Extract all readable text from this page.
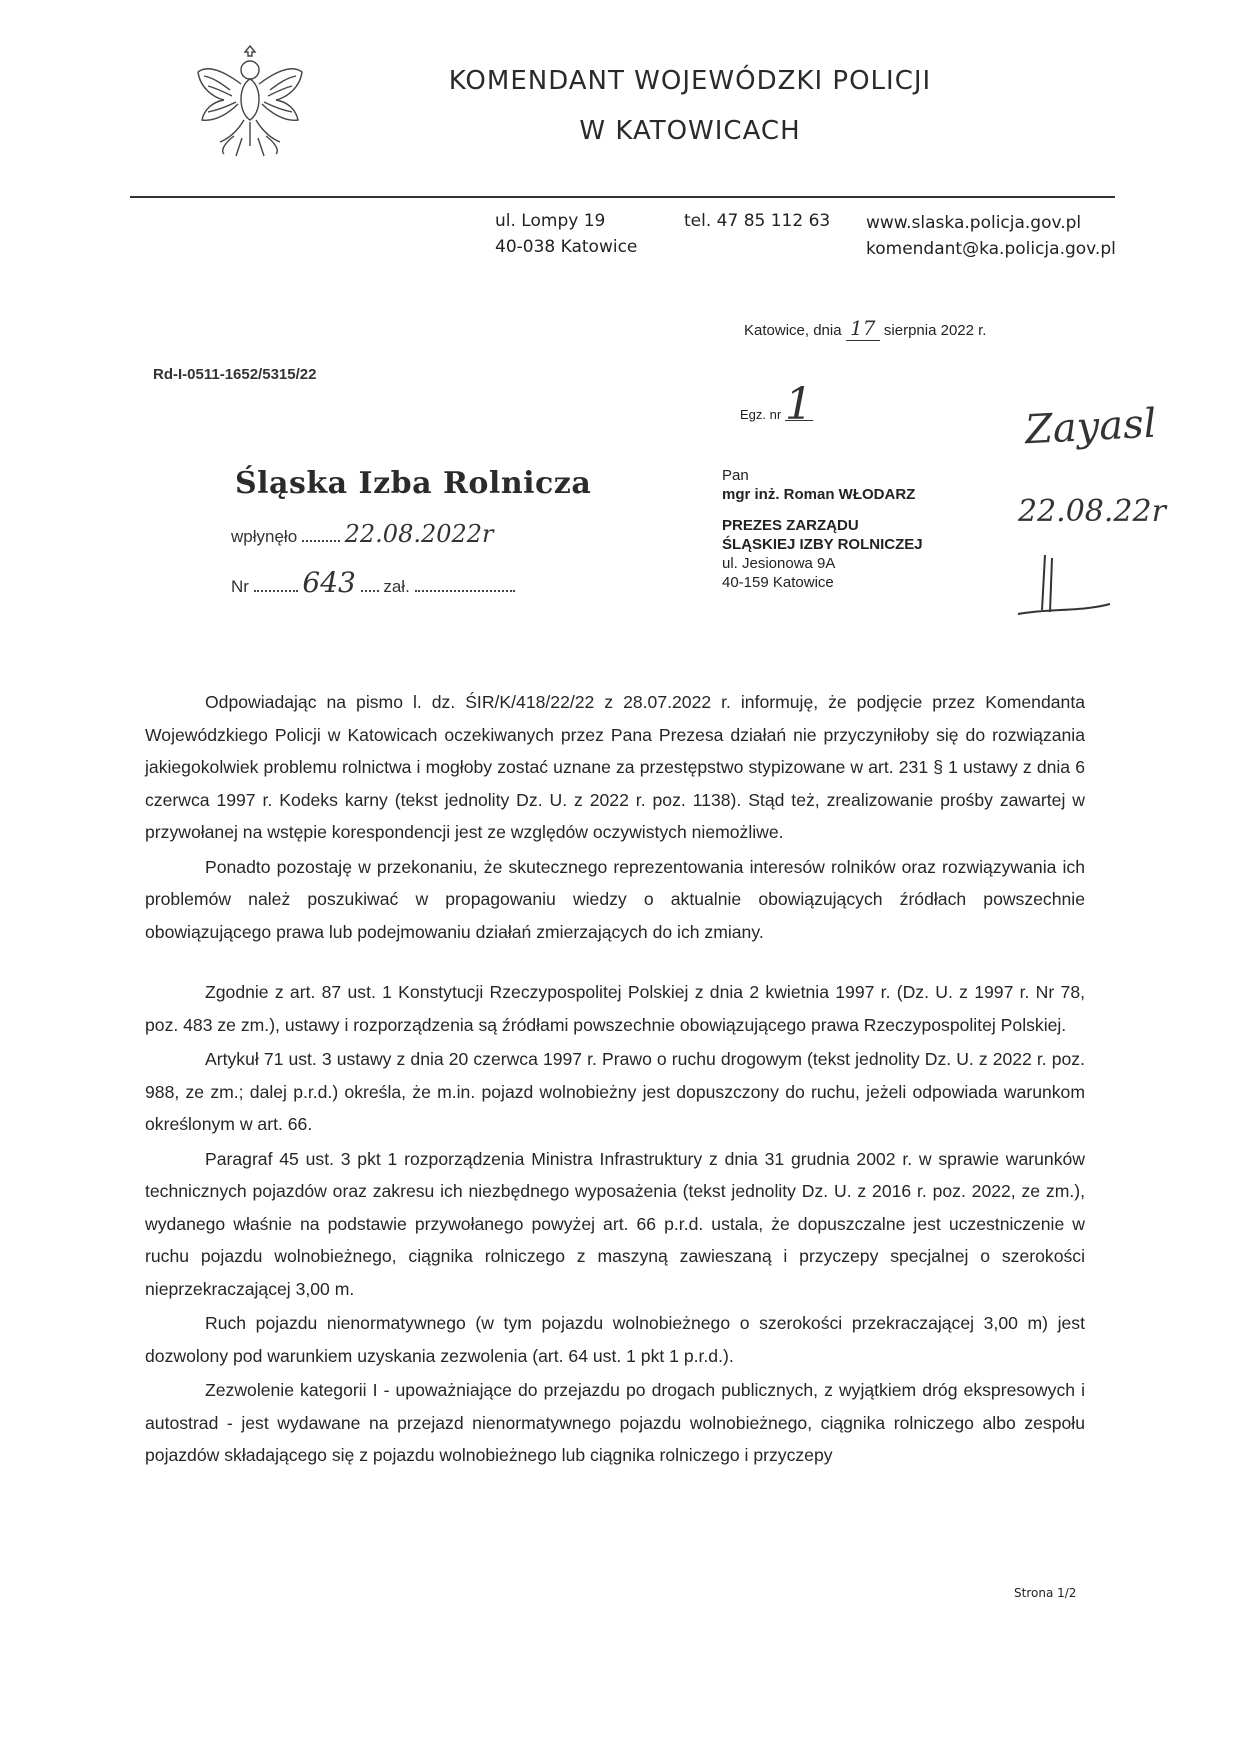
KOMENDANT WOJEWÓDZKI POLICJI
W KATOWICACH
ul. Lompy 19
40-038 Katowice
tel. 47 85 112 63 www.slaska.policja.gov.pl
komendant@ka.policja.gov.pl
Katowice, dnia 17 sierpnia 2022 r.
Rd-I-0511-1652/5315/22
Egz. nr 1
Śląska Izba Rolnicza
wpłynęło 22.08.2022r
Nr 643 zał.
Pan
mgr inż. Roman WŁODARZ
PREZES ZARZĄDU
ŚLĄSKIEJ IZBY ROLNICZEJ
ul. Jesionowa 9A
40-159 Katowice
Zayasl
22.08.22r

Odpowiadając na pismo l. dz. ŚIR/K/418/22/22 z 28.07.2022 r. informuję, że podjęcie przez Komendanta Wojewódzkiego Policji w Katowicach oczekiwanych przez Pana Prezesa działań nie przyczyniłoby się do rozwiązania jakiegokolwiek problemu rolnictwa i mogłoby zostać uznane za przestępstwo stypizowane w art. 231 § 1 ustawy z dnia 6 czerwca 1997 r. Kodeks karny (tekst jednolity Dz. U. z 2022 r. poz. 1138). Stąd też, zrealizowanie prośby zawartej w przywołanej na wstępie korespondencji jest ze względów oczywistych niemożliwe.

Ponadto pozostaję w przekonaniu, że skutecznego reprezentowania interesów rolników oraz rozwiązywania ich problemów należ poszukiwać w propagowaniu wiedzy o aktualnie obowiązujących źródłach powszechnie obowiązującego prawa lub podejmowaniu działań zmierzających do ich zmiany.

Zgodnie z art. 87 ust. 1 Konstytucji Rzeczypospolitej Polskiej z dnia 2 kwietnia 1997 r. (Dz. U. z 1997 r. Nr 78, poz. 483 ze zm.), ustawy i rozporządzenia są źródłami powszechnie obowiązującego prawa Rzeczypospolitej Polskiej.

Artykuł 71 ust. 3 ustawy z dnia 20 czerwca 1997 r. Prawo o ruchu drogowym (tekst jednolity Dz. U. z 2022 r. poz. 988, ze zm.; dalej p.r.d.) określa, że m.in. pojazd wolnobieżny jest dopuszczony do ruchu, jeżeli odpowiada warunkom określonym w art. 66.

Paragraf 45 ust. 3 pkt 1 rozporządzenia Ministra Infrastruktury z dnia 31 grudnia 2002 r. w sprawie warunków technicznych pojazdów oraz zakresu ich niezbędnego wyposażenia (tekst jednolity Dz. U. z 2016 r. poz. 2022, ze zm.), wydanego właśnie na podstawie przywołanego powyżej art. 66 p.r.d. ustala, że dopuszczalne jest uczestniczenie w ruchu pojazdu wolnobieżnego, ciągnika rolniczego z maszyną zawieszaną i przyczepy specjalnej o szerokości nieprzekraczającej 3,00 m.

Ruch pojazdu nienormatywnego (w tym pojazdu wolnobieżnego o szerokości przekraczającej 3,00 m) jest dozwolony pod warunkiem uzyskania zezwolenia (art. 64 ust. 1 pkt 1 p.r.d.).

Zezwolenie kategorii I - upoważniające do przejazdu po drogach publicznych, z wyjątkiem dróg ekspresowych i autostrad - jest wydawane na przejazd nienormatywnego pojazdu wolnobieżnego, ciągnika rolniczego albo zespołu pojazdów składającego się z pojazdu wolnobieżnego lub ciągnika rolniczego i przyczepy

Strona 1/2
